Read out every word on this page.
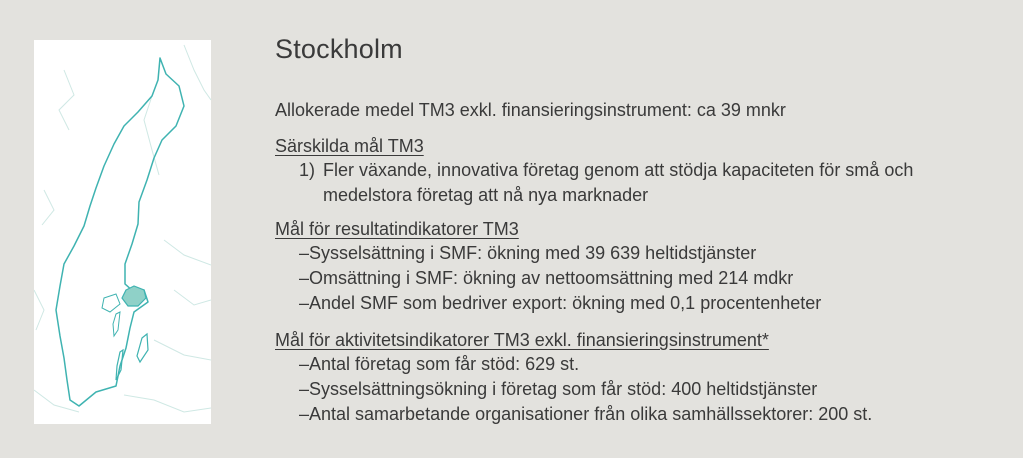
Stockholm
Allokerade medel TM3 exkl. finansieringsinstrument: ca 39 mnkr
Särskilda mål TM3
1) Fler växande, innovativa företag genom att stödja kapaciteten för små och medelstora företag att nå nya marknader
Mål för resultatindikatorer TM3
–Sysselsättning i SMF: ökning med 39 639 heltidstjänster
–Omsättning i SMF: ökning av nettoomsättning med 214 mdkr
–Andel SMF som bedriver export: ökning med 0,1 procentenheter
Mål för aktivitetsindikatorer TM3 exkl. finansieringsinstrument*
–Antal företag som får stöd: 629 st.
–Sysselsättningsökning i företag som får stöd: 400 heltidstjänster
–Antal samarbetande organisationer från olika samhällssektorer: 200 st.
